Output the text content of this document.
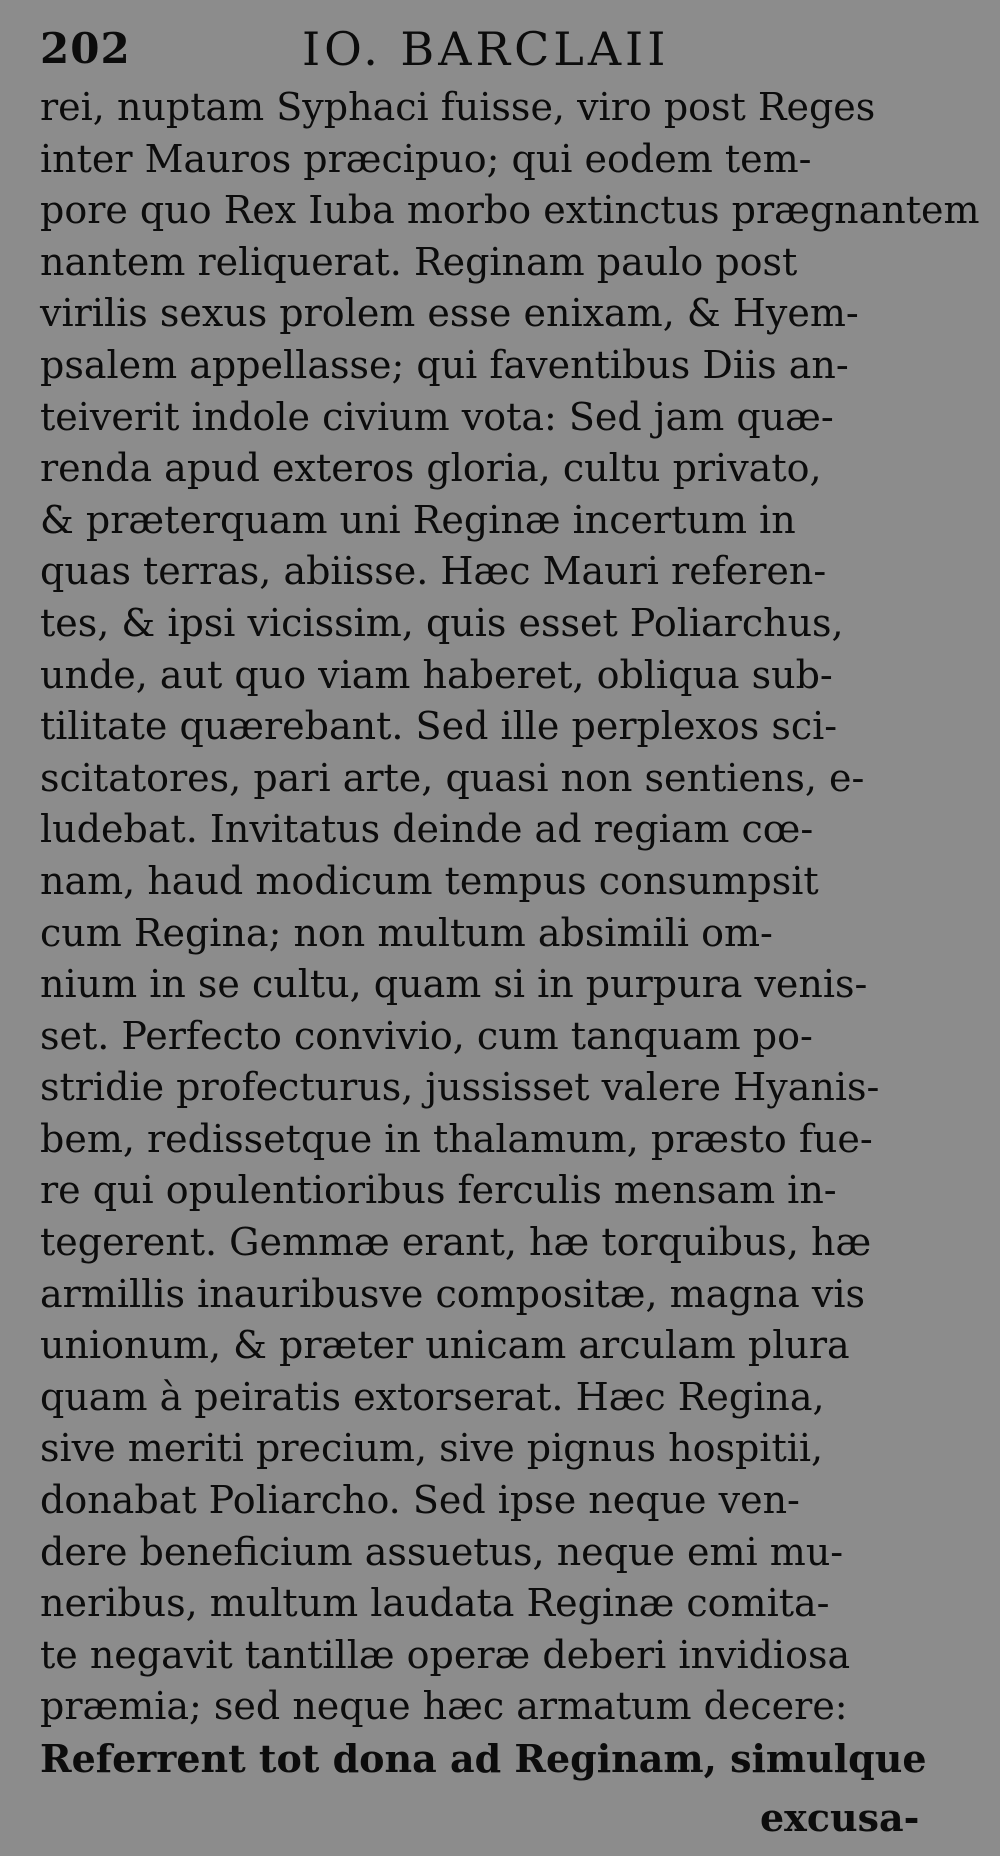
202	IO. BARCLAII
rei, nuptam Syphaci fuisse, viro post Reges
inter Mauros præcipuo; qui eodem tem-
pore quo Rex Iuba morbo extinctus prægnantem
nantem reliquerat. Reginam paulo post
virilis sexus prolem esse enixam, & Hyem-
psalem appellasse; qui faventibus Diis an-
teiverit indole civium vota: Sed jam quæ-
renda apud exteros gloria, cultu privato,
& præterquam uni Reginæ incertum in
quas terras, abiisse. Hæc Mauri referen-
tes, & ipsi vicissim, quis esset Poliarchus,
unde, aut quo viam haberet, obliqua sub-
tilitate quærebant. Sed ille perplexos sci-
scitatores, pari arte, quasi non sentiens, e-
ludebat. Invitatus deinde ad regiam cœ-
nam, haud modicum tempus consumpsit
cum Regina; non multum absimili om-
nium in se cultu, quam si in purpura venis-
set. Perfecto convivio, cum tanquam po-
stridie profecturus, jussisset valere Hyanis-
bem, redissetque in thalamum, præsto fue-
re qui opulentioribus ferculis mensam in-
tegerent. Gemmæ erant, hæ torquibus, hæ
armillis inauribusve compositæ, magna vis
unionum, & præter unicam arculam plura
quam à peiratis extorserat. Hæc Regina,
sive meriti precium, sive pignus hospitii,
donabat Poliarcho. Sed ipse neque ven-
dere beneficium assuetus, neque emi mu-
neribus, multum laudata Reginæ comita-
te negavit tantillæ operæ deberi invidiosa
præmia; sed neque hæc armatum decere:
Referrent tot dona ad Reginam, simulque
excusa-
